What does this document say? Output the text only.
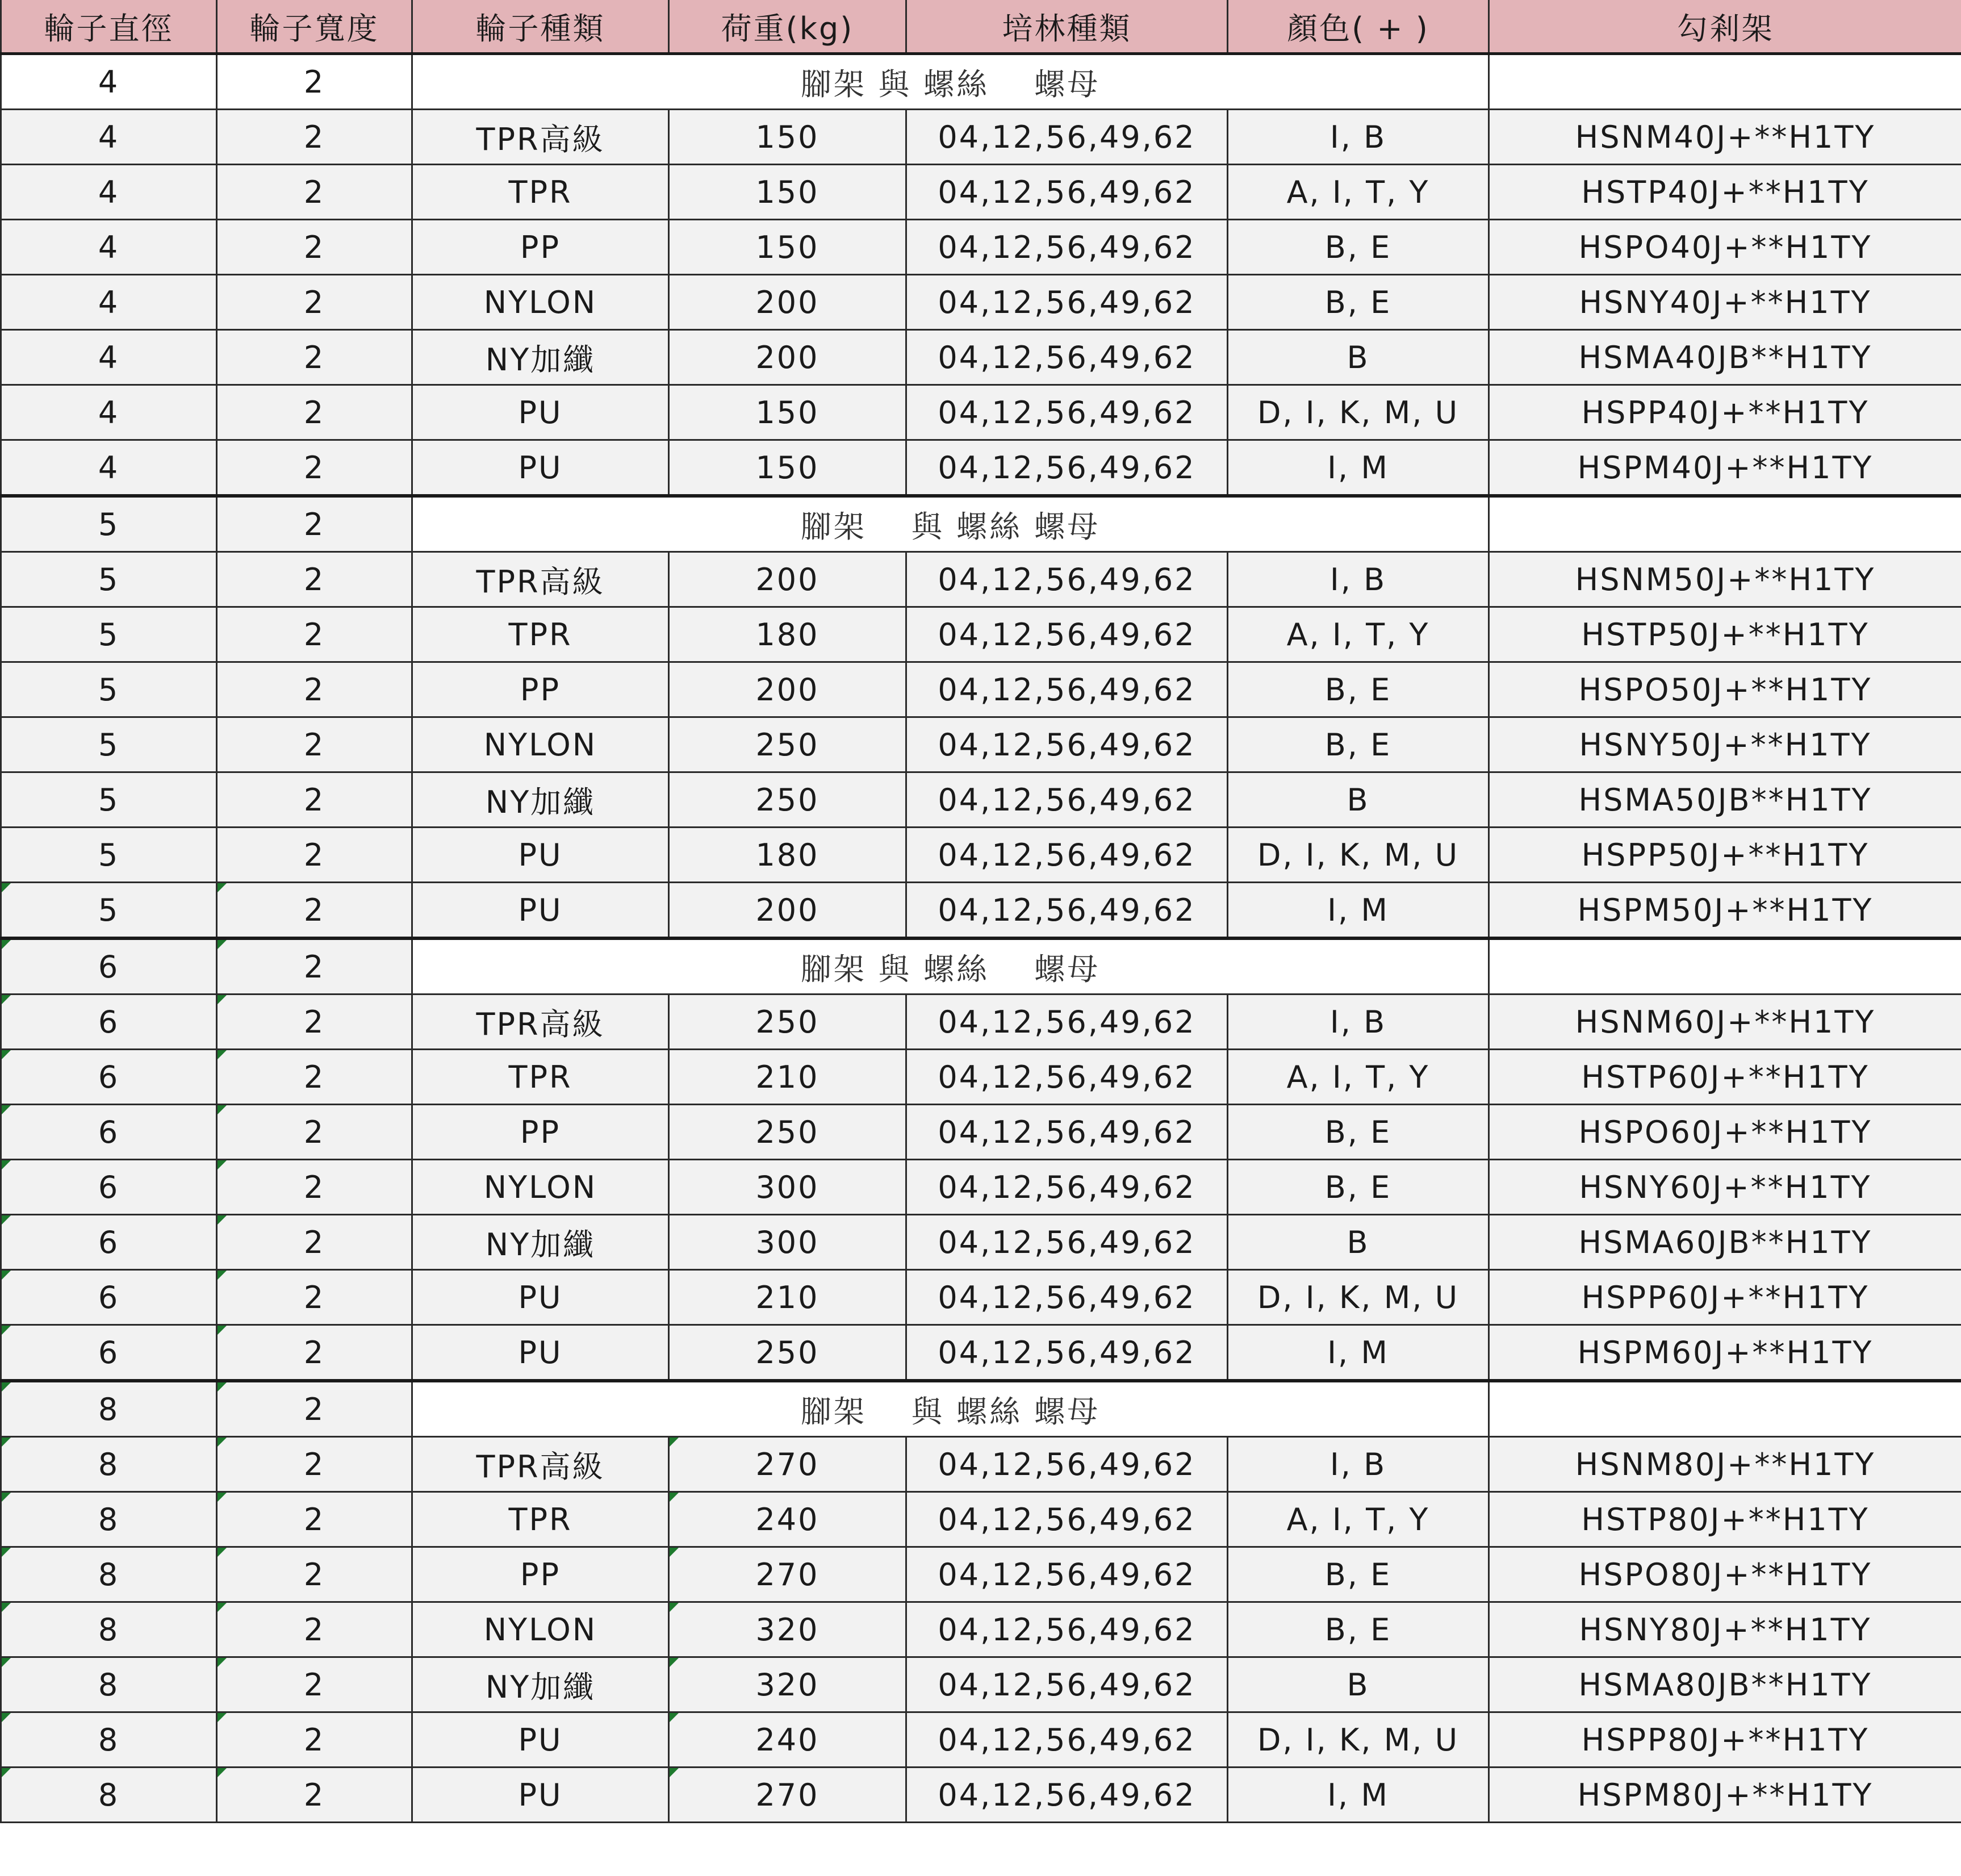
輪子直徑	輪子寬度	輪子種類	荷重(kg)	培林種類	顏色( + )	勾剎架	
4	2	腳架 與 螺絲　 螺母		
4	2	TPR高級	150	04,12,56,49,62	I, B	HSNM40J+**H1TY	
4	2	TPR	150	04,12,56,49,62	A, I, T, Y	HSTP40J+**H1TY	
4	2	PP	150	04,12,56,49,62	B, E	HSPO40J+**H1TY	
4	2	NYLON	200	04,12,56,49,62	B, E	HSNY40J+**H1TY	
4	2	NY加纖	200	04,12,56,49,62	B	HSMA40JB**H1TY	
4	2	PU	150	04,12,56,49,62	D, I, K, M, U	HSPP40J+**H1TY	
4	2	PU	150	04,12,56,49,62	I, M	HSPM40J+**H1TY	
5	2	腳架　 與 螺絲 螺母		
5	2	TPR高級	200	04,12,56,49,62	I, B	HSNM50J+**H1TY	
5	2	TPR	180	04,12,56,49,62	A, I, T, Y	HSTP50J+**H1TY	
5	2	PP	200	04,12,56,49,62	B, E	HSPO50J+**H1TY	
5	2	NYLON	250	04,12,56,49,62	B, E	HSNY50J+**H1TY	
5	2	NY加纖	250	04,12,56,49,62	B	HSMA50JB**H1TY	
5	2	PU	180	04,12,56,49,62	D, I, K, M, U	HSPP50J+**H1TY	
5	2	PU	200	04,12,56,49,62	I, M	HSPM50J+**H1TY	
6	2	腳架 與 螺絲　 螺母		
6	2	TPR高級	250	04,12,56,49,62	I, B	HSNM60J+**H1TY	
6	2	TPR	210	04,12,56,49,62	A, I, T, Y	HSTP60J+**H1TY	
6	2	PP	250	04,12,56,49,62	B, E	HSPO60J+**H1TY	
6	2	NYLON	300	04,12,56,49,62	B, E	HSNY60J+**H1TY	
6	2	NY加纖	300	04,12,56,49,62	B	HSMA60JB**H1TY	
6	2	PU	210	04,12,56,49,62	D, I, K, M, U	HSPP60J+**H1TY	
6	2	PU	250	04,12,56,49,62	I, M	HSPM60J+**H1TY	
8	2	腳架　 與 螺絲 螺母		
8	2	TPR高級	270	04,12,56,49,62	I, B	HSNM80J+**H1TY	
8	2	TPR	240	04,12,56,49,62	A, I, T, Y	HSTP80J+**H1TY	
8	2	PP	270	04,12,56,49,62	B, E	HSPO80J+**H1TY	
8	2	NYLON	320	04,12,56,49,62	B, E	HSNY80J+**H1TY	
8	2	NY加纖	320	04,12,56,49,62	B	HSMA80JB**H1TY	
8	2	PU	240	04,12,56,49,62	D, I, K, M, U	HSPP80J+**H1TY	
8	2	PU	270	04,12,56,49,62	I, M	HSPM80J+**H1TY	
